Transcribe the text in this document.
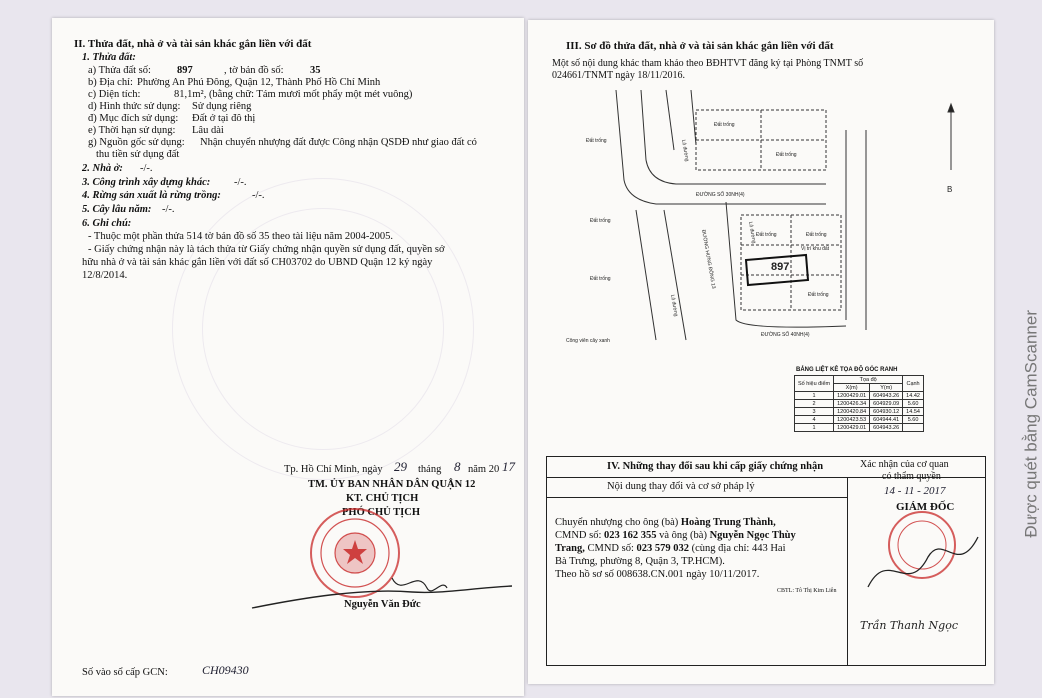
II. Thửa đất, nhà ở và tài sản khác gắn liền với đất
1. Thửa đất:
a) Thửa đất số: 897	, tờ bản đồ số:	35
b) Địa chỉ: Phường An Phú Đông, Quận 12, Thành Phố Hồ Chí Minh
c) Diện tích:	81,1m², (bằng chữ: Tám mươi mốt phẩy một mét vuông)
d) Hình thức sử dụng: Sử dụng riêng
đ) Mục đích sử dụng: Đất ở tại đô thị
e) Thời hạn sử dụng: Lâu dài
g) Nguồn gốc sử dụng: Nhận chuyển nhượng đất được Công nhận QSDĐ như giao đất có
thu tiền sử dụng đất
2. Nhà ở: -/-.
3. Công trình xây dựng khác: -/-.
4. Rừng sản xuất là rừng trồng:	-/-.
5. Cây lâu năm: -/-.
6. Ghi chú:
- Thuộc một phần thửa 514 tờ bản đồ số 35 theo tài liệu năm 2004-2005.
- Giấy chứng nhận này là tách thửa từ Giấy chứng nhận quyền sử dụng đất, quyền sở
hữu nhà ở và tài sản khác gắn liền với đất số CH03702 do UBND Quận 12 ký ngày
12/8/2014.
Tp. Hồ Chí Minh, ngày 29 tháng 8 năm 20 17
TM. ỦY BAN NHÂN DÂN QUẬN 12
KT. CHỦ TỊCH
PHÓ CHỦ TỊCH
Nguyễn Văn Đức
Số vào sổ cấp GCN:	CH09430
III. Sơ đồ thửa đất, nhà ở và tài sản khác gắn liền với đất
Một số nội dung khác tham khảo theo BĐHTVT đăng ký tại Phòng TNMT số
024661/TNMT ngày 18/11/2016.
897
B
ĐƯỜNG SỐ 30NH(4)
ĐƯỜNG SỐ 40NH(4)
ĐƯỜNG HƯNG ĐÔNG 13
Lô đường
Lô đường
Lô đường
Đất trống
Đất trống
Đất trống
Đất trống	Đất trống
Đất trống
Đất trống
Đất trống
Vị trí khu đất
Công viên cây xanh
BẢNG LIỆT KÊ TỌA ĐỘ GÓC RANH
Số hiệu điểm	Tọa độ		Cạnh
	X(m)	Y(m)	
1	1200429.01	604943.26	14.42
2	1200426.34	604929.09	5.60
3	1200420.84	604930.12	14.54
4	1200423.53	604944.41	5.60
1	1200429.01	604943.26	
IV. Những thay đổi sau khi cấp giấy chứng nhận
Nội dung thay đổi và cơ sở pháp lý
Xác nhận của cơ quan
có thẩm quyền
14 - 11 - 2017
GIÁM ĐỐC
Trần Thanh Ngọc
Chuyển nhượng cho ông (bà) Hoàng Trung Thành,
CMND số: 023 162 355 và ông (bà) Nguyễn Ngọc Thùy
Trang, CMND số: 023 579 032 (cùng địa chỉ: 443 Hai
Bà Trưng, phường 8, Quận 3, TP.HCM).
Theo hồ sơ số 008638.CN.001 ngày 10/11/2017.
CBTL: Tô Thị Kim Liên
Được quét bằng CamScanner
